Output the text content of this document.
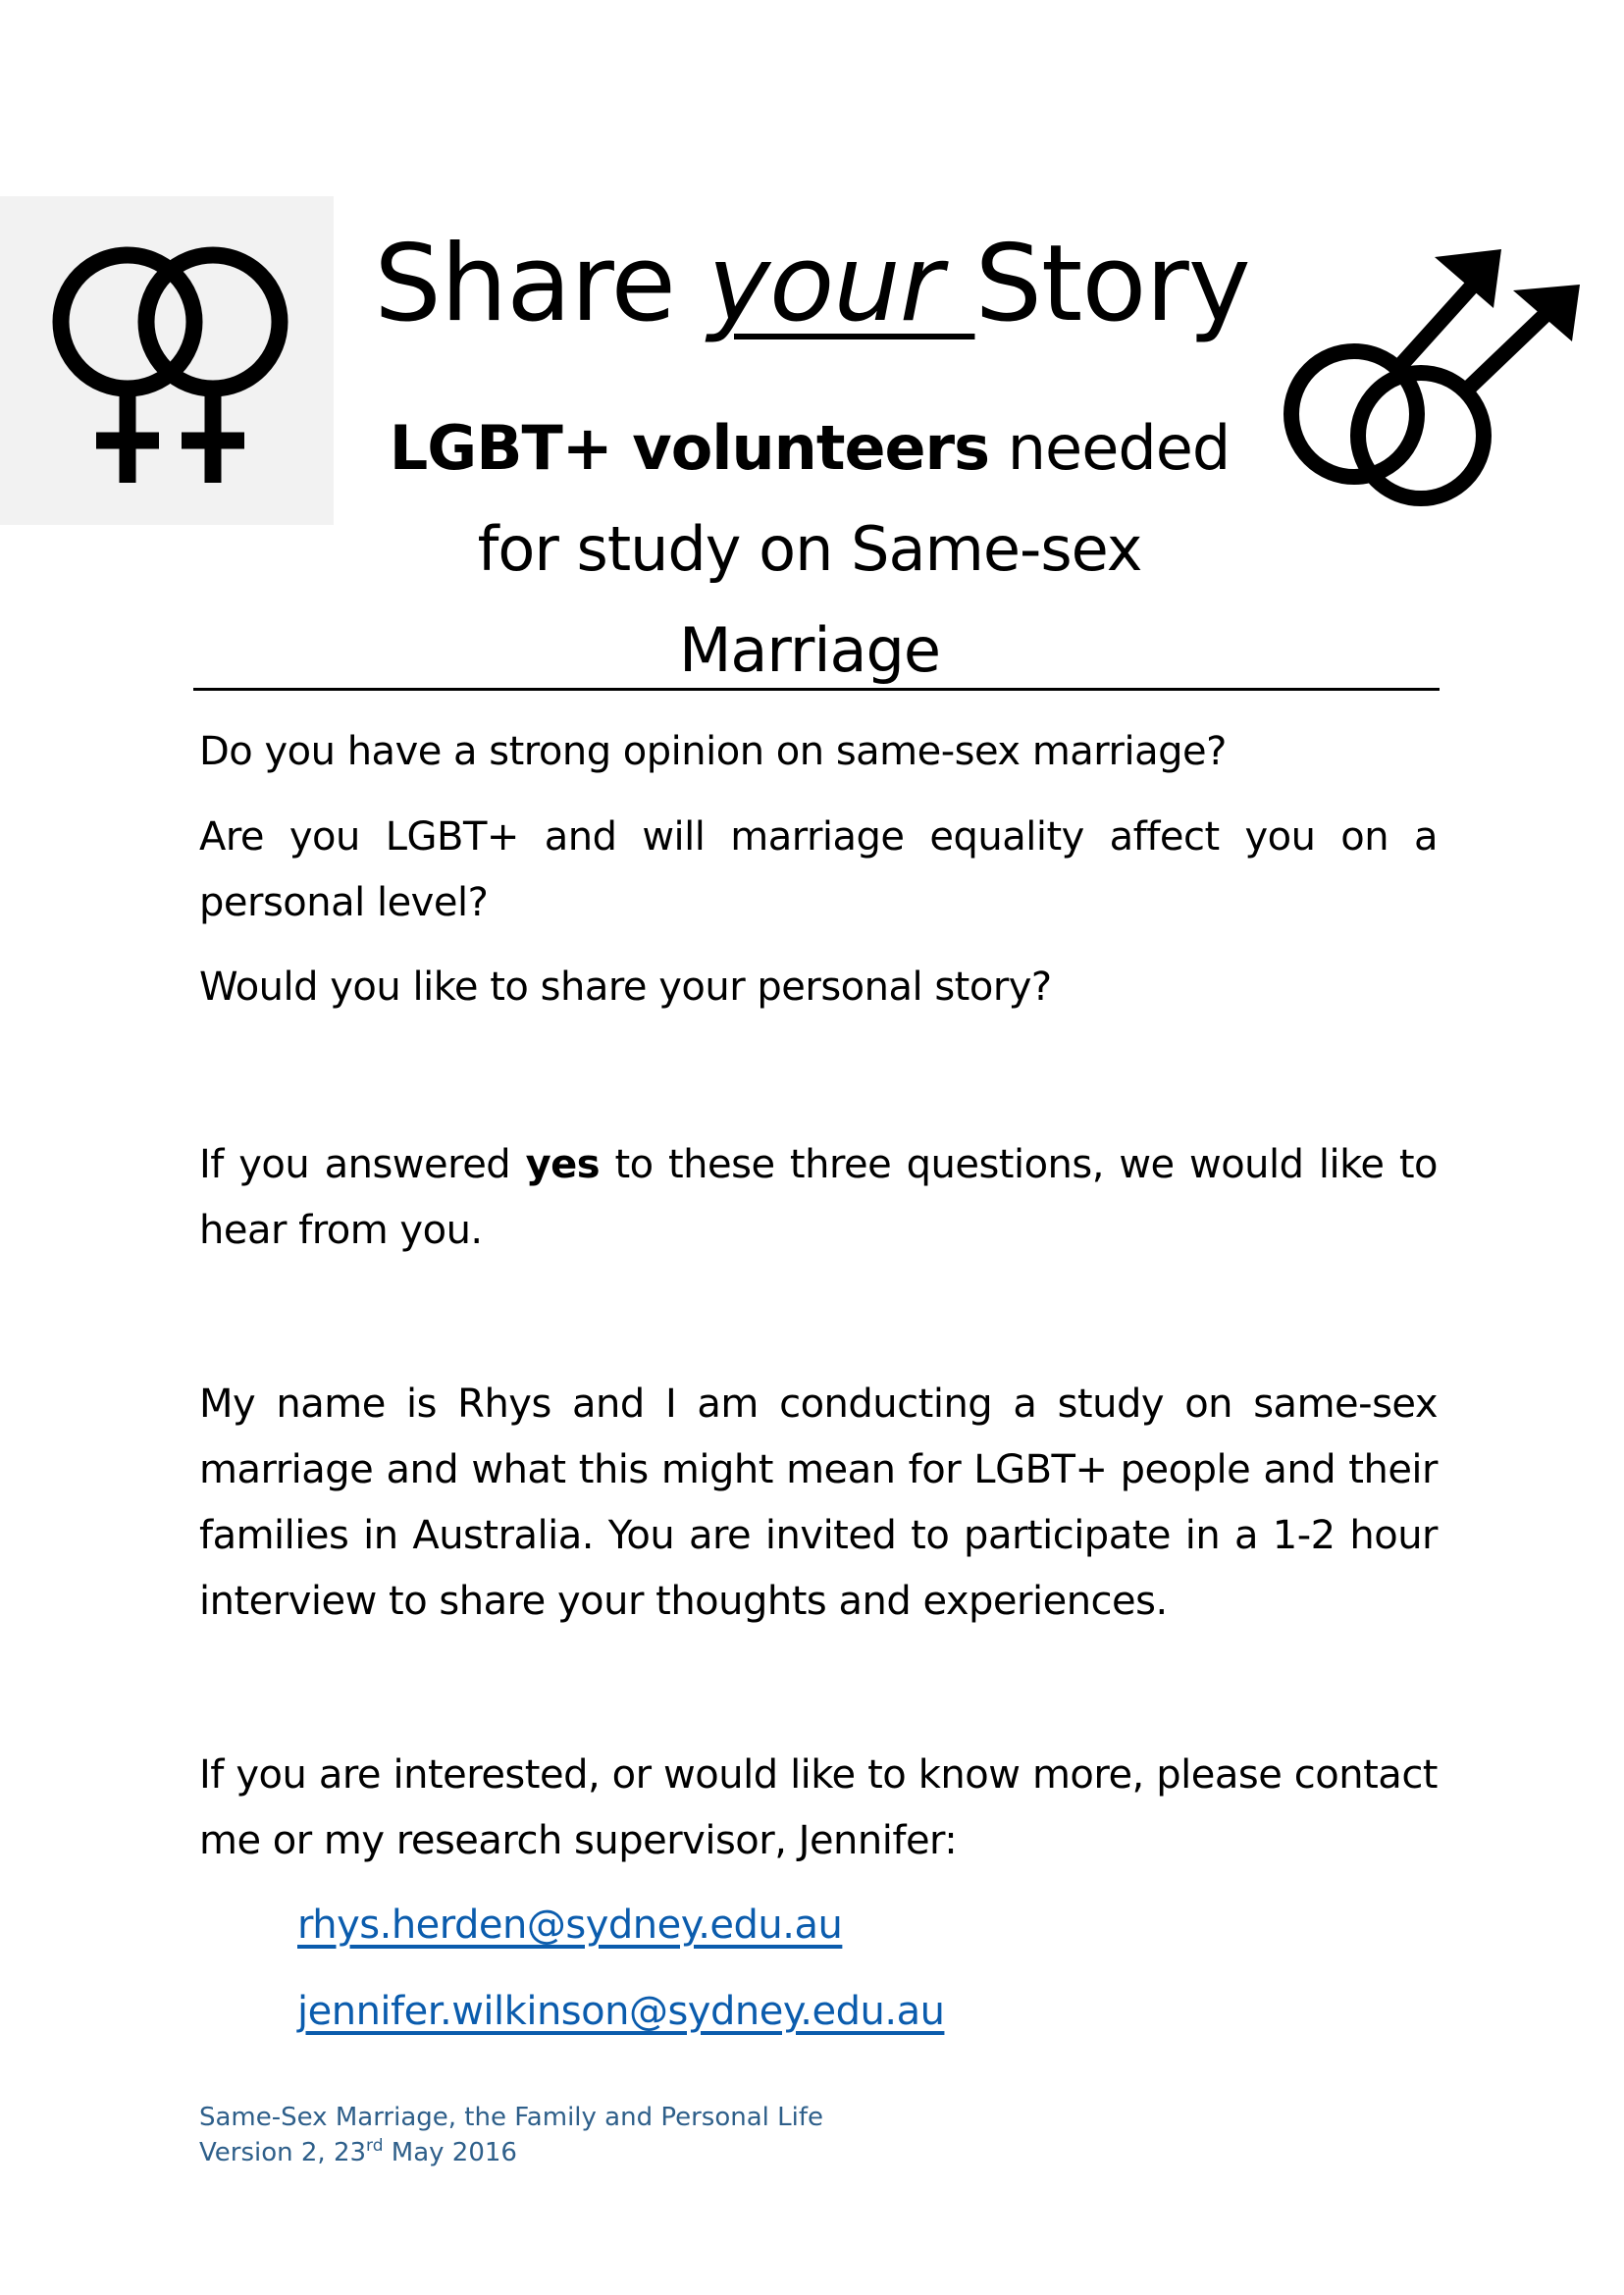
Share your Story
LGBT+ volunteers needed for study on Same-sex Marriage
Do you have a strong opinion on same-sex marriage?
Are you LGBT+ and will marriage equality affect you on a personal level?
Would you like to share your personal story?
If you answered yes to these three questions, we would like to hear from you.
My name is Rhys and I am conducting a study on same-sex marriage and what this might mean for LGBT+ people and their families in Australia. You are invited to participate in a 1-2 hour interview to share your thoughts and experiences.
If you are interested, or would like to know more, please contact me or my research supervisor, Jennifer:
rhys.herden@sydney.edu.au
jennifer.wilkinson@sydney.edu.au
Same-Sex Marriage, the Family and Personal Life
Version 2, 23rd May 2016
